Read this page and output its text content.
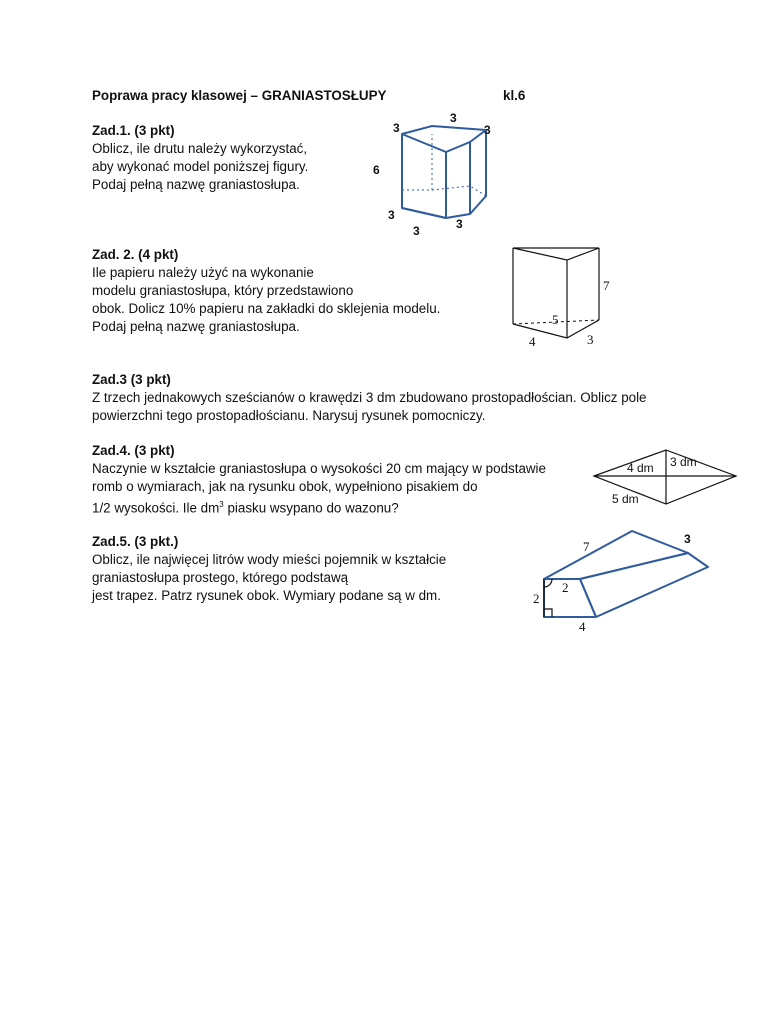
Poprawa pracy klasowej – GRANIASTOSŁUPY	kl.6
Zad.1. (3 pkt)
Oblicz, ile drutu należy wykorzystać,
aby wykonać model poniższej figury.
Podaj pełną nazwę graniastosłupa.
3
3
3
6
3
3
3
Zad. 2. (4 pkt)
Ile papieru należy użyć na wykonanie
modelu graniastosłupa, który przedstawiono
obok. Dolicz 10% papieru na zakładki do sklejenia modelu.
Podaj pełną nazwę graniastosłupa.
7
5
4	3
Zad.3 (3 pkt)
Z trzech jednakowych sześcianów o krawędzi 3 dm zbudowano prostopadłościan. Oblicz pole
powierzchni tego prostopadłościanu. Narysuj rysunek pomocniczy.
Zad.4. (3 pkt)
Naczynie w kształcie graniastosłupa o wysokości 20 cm mający w podstawie
romb o wymiarach, jak na rysunku obok, wypełniono pisakiem do
1/2 wysokości. Ile $dm^3$ piasku wsypano do wazonu?
4 dm 3 dm
5 dm
Zad.5. (3 pkt.)
Oblicz, ile najwięcej litrów wody mieści pojemnik w kształcie
graniastosłupa prostego, którego podstawą
jest trapez. Patrz rysunek obok. Wymiary podane są w dm.
7	3
2
2
4
